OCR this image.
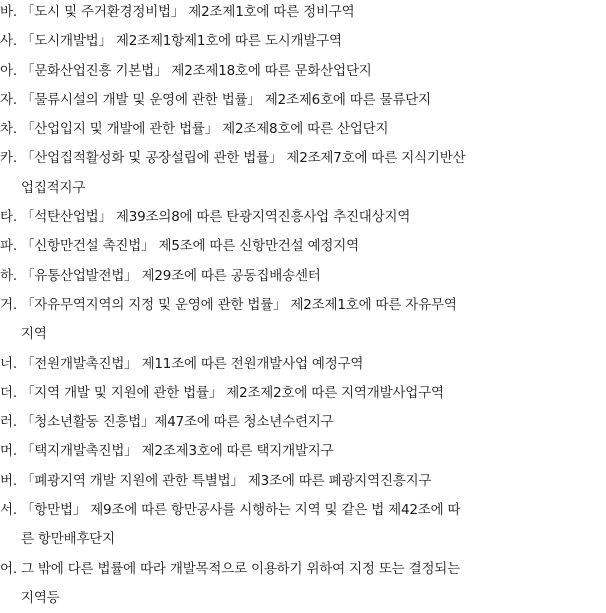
바. 「도시 및 주거환경정비법」 제2조제1호에 따른 정비구역
사. 「도시개발법」 제2조제1항제1호에 따른 도시개발구역
아. 「문화산업진흥 기본법」 제2조제18호에 따른 문화산업단지
자. 「물류시설의 개발 및 운영에 관한 법률」 제2조제6호에 따른 물류단지
차. 「산업입지 및 개발에 관한 법률」 제2조제8호에 따른 산업단지
카. 「산업집적활성화 및 공장설립에 관한 법률」 제2조제7호에 따른 지식기반산
업집적지구
타. 「석탄산업법」 제39조의8에 따른 탄광지역진흥사업 추진대상지역
파. 「신항만건설 촉진법」 제5조에 따른 신항만건설 예정지역
하. 「유통산업발전법」 제29조에 따른 공동집배송센터
거. 「자유무역지역의 지정 및 운영에 관한 법률」 제2조제1호에 따른 자유무역
지역
너. 「전원개발촉진법」 제11조에 따른 전원개발사업 예정구역
더. 「지역 개발 및 지원에 관한 법률」 제2조제2호에 따른 지역개발사업구역
러. 「청소년활동 진흥법」제47조에 따른 청소년수련지구
머. 「택지개발촉진법」 제2조제3호에 따른 택지개발지구
버. 「폐광지역 개발 지원에 관한 특별법」 제3조에 따른 폐광지역진흥지구
서. 「항만법」 제9조에 따른 항만공사를 시행하는 지역 및 같은 법 제42조에 따
른 항만배후단지
어. 그 밖에 다른 법률에 따라 개발목적으로 이용하기 위하여 지정 또는 결정되는
지역등
